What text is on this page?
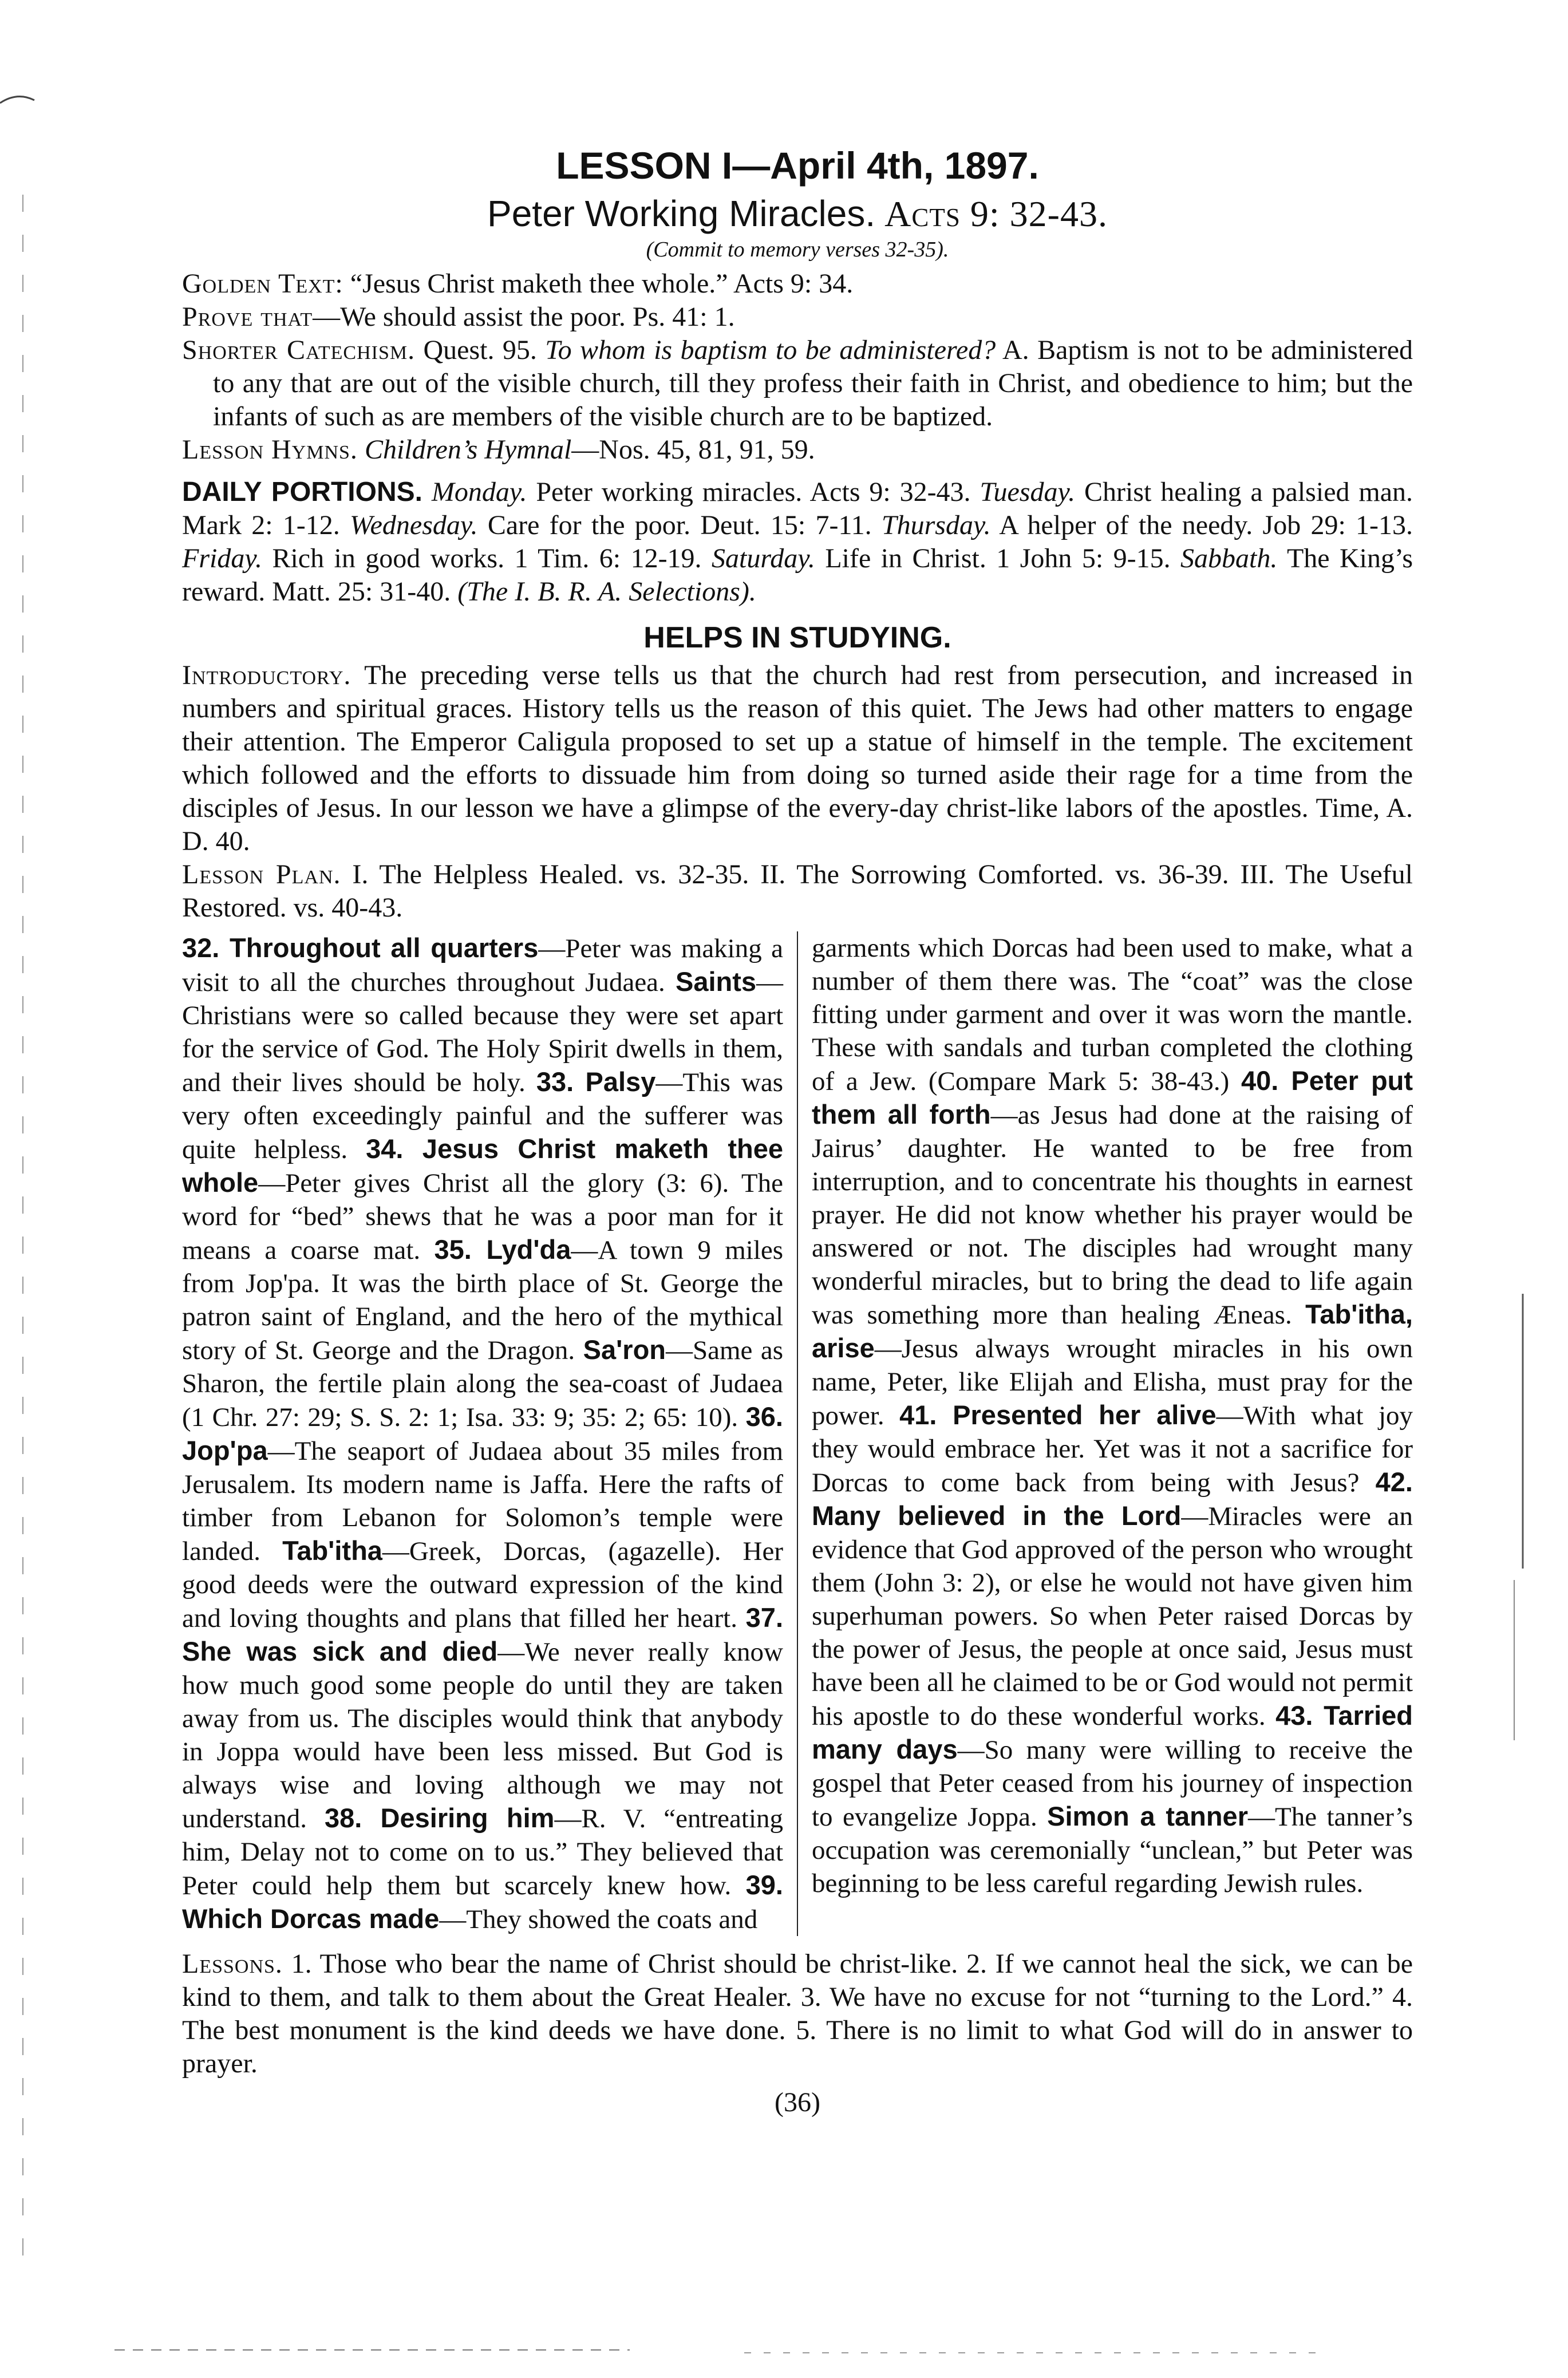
LESSON I—April 4th, 1897.
Peter Working Miracles. Acts 9: 32-43.
(Commit to memory verses 32-35).

Golden Text: “Jesus Christ maketh thee whole.” Acts 9: 34.

Prove that—We should assist the poor. Ps. 41: 1.

Shorter Catechism. Quest. 95. To whom is baptism to be administered? A. Baptism is not to be administered to any that are out of the visible church, till they profess their faith in Christ, and obedience to him; but the infants of such as are members of the visible church are to be baptized.

Lesson Hymns. Children’s Hymnal—Nos. 45, 81, 91, 59.

DAILY PORTIONS. Monday. Peter working miracles. Acts 9: 32-43. Tuesday. Christ healing a palsied man. Mark 2: 1-12. Wednesday. Care for the poor. Deut. 15: 7-11. Thursday. A helper of the needy. Job 29: 1-13. Friday. Rich in good works. 1 Tim. 6: 12-19. Saturday. Life in Christ. 1 John 5: 9-15. Sabbath. The King’s reward. Matt. 25: 31-40. (The I. B. R. A. Selections).

HELPS IN STUDYING.

Introductory. The preceding verse tells us that the church had rest from persecution, and increased in numbers and spiritual graces. History tells us the reason of this quiet. The Jews had other matters to engage their attention. The Emperor Caligula proposed to set up a statue of himself in the temple. The excitement which followed and the efforts to dissuade him from doing so turned aside their rage for a time from the disciples of Jesus. In our lesson we have a glimpse of the every-day christ-like labors of the apostles. Time, A. D. 40.

Lesson Plan. I. The Helpless Healed. vs. 32-35. II. The Sorrowing Comforted. vs. 36-39. III. The Useful Restored. vs. 40-43.

32. Throughout all quarters—Peter was making a visit to all the churches throughout Judaea. Saints—Christians were so called because they were set apart for the service of God. The Holy Spirit dwells in them, and their lives should be holy. 33. Palsy—This was very often exceedingly painful and the sufferer was quite helpless. 34. Jesus Christ maketh thee whole—Peter gives Christ all the glory (3: 6). The word for “bed” shews that he was a poor man for it means a coarse mat. 35. Lyd'da—A town 9 miles from Jop'pa. It was the birth place of St. George the patron saint of England, and the hero of the mythical story of St. George and the Dragon. Sa'ron—Same as Sharon, the fertile plain along the sea-coast of Judaea (1 Chr. 27: 29; S. S. 2: 1; Isa. 33: 9; 35: 2; 65: 10). 36. Jop'pa—The seaport of Judaea about 35 miles from Jerusalem. Its modern name is Jaffa. Here the rafts of timber from Lebanon for Solomon’s temple were landed. Tab'itha—Greek, Dorcas, (agazelle). Her good deeds were the outward expression of the kind and loving thoughts and plans that filled her heart. 37. She was sick and died—We never really know how much good some people do until they are taken away from us. The disciples would think that anybody in Joppa would have been less missed. But God is always wise and loving although we may not understand. 38. Desiring him—R. V. “entreating him, Delay not to come on to us.” They believed that Peter could help them but scarcely knew how. 39. Which Dorcas made—They showed the coats and

garments which Dorcas had been used to make, what a number of them there was. The “coat” was the close fitting under garment and over it was worn the mantle. These with sandals and turban completed the clothing of a Jew. (Compare Mark 5: 38-43.) 40. Peter put them all forth—as Jesus had done at the raising of Jairus’ daughter. He wanted to be free from interruption, and to concentrate his thoughts in earnest prayer. He did not know whether his prayer would be answered or not. The disciples had wrought many wonderful miracles, but to bring the dead to life again was something more than healing Æneas. Tab'itha, arise—Jesus always wrought miracles in his own name, Peter, like Elijah and Elisha, must pray for the power. 41. Presented her alive—With what joy they would embrace her. Yet was it not a sacrifice for Dorcas to come back from being with Jesus? 42. Many believed in the Lord—Miracles were an evidence that God approved of the person who wrought them (John 3: 2), or else he would not have given him superhuman powers. So when Peter raised Dorcas by the power of Jesus, the people at once said, Jesus must have been all he claimed to be or God would not permit his apostle to do these wonderful works. 43. Tarried many days—So many were willing to receive the gospel that Peter ceased from his journey of inspection to evangelize Joppa. Simon a tanner—The tanner’s occupation was ceremonially “unclean,” but Peter was beginning to be less careful regarding Jewish rules.

Lessons. 1. Those who bear the name of Christ should be christ-like. 2. If we cannot heal the sick, we can be kind to them, and talk to them about the Great Healer. 3. We have no excuse for not “turning to the Lord.” 4. The best monument is the kind deeds we have done. 5. There is no limit to what God will do in answer to prayer.

(36)
